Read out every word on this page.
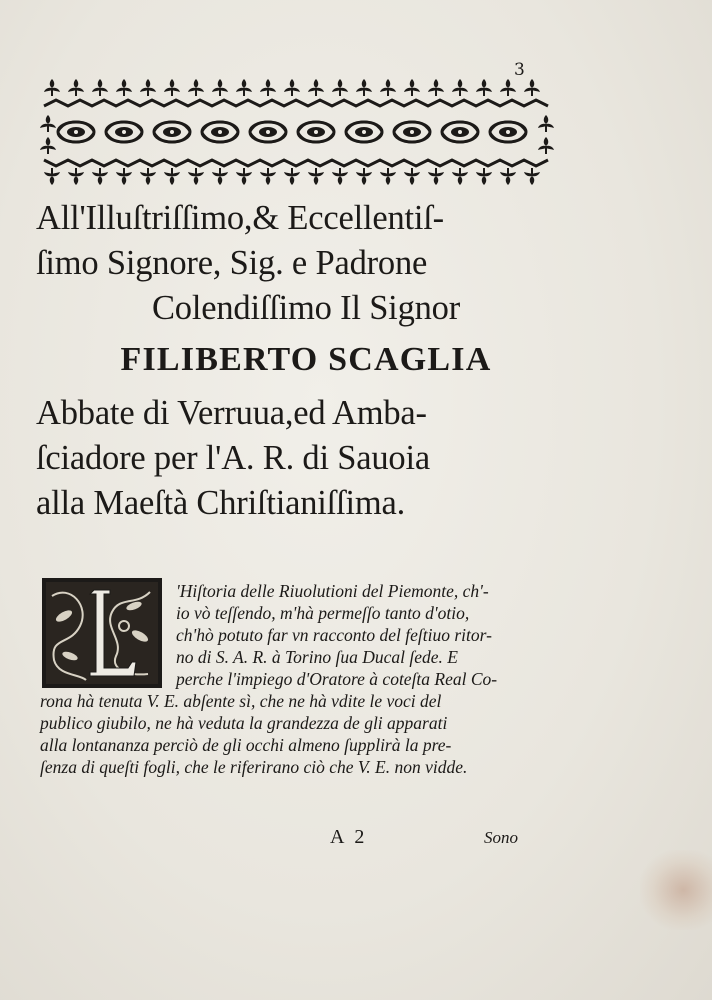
3
All'Illuſtriſſimo,& Eccellentiſ-
ſimo Signore, Sig. e Padrone
Colendiſſimo Il Signor
FILIBERTO SCAGLIA
Abbate di Verruua,ed Amba-
ſciadore per l'A. R. di Sauoia
alla Maeſtà Chriſtianiſſima.
'Hiſtoria delle Riuolutioni del Piemonte, ch'-
io vò teſſendo, m'hà permeſſo tanto d'otio,
ch'hò potuto far vn racconto del feſtiuo ritor-
no di S. A. R. à Torino ſua Ducal ſede. E
perche l'impiego d'Oratore à coteſta Real Co-
rona hà tenuta V. E. abſente sì, che ne hà vdite le voci del
publico giubilo, ne hà veduta la grandezza de gli apparati
alla lontananza perciò de gli occhi almeno ſupplirà la pre-
ſenza di queſti fogli, che le riferirano ciò che V. E. non vidde.
A 2	Sono
